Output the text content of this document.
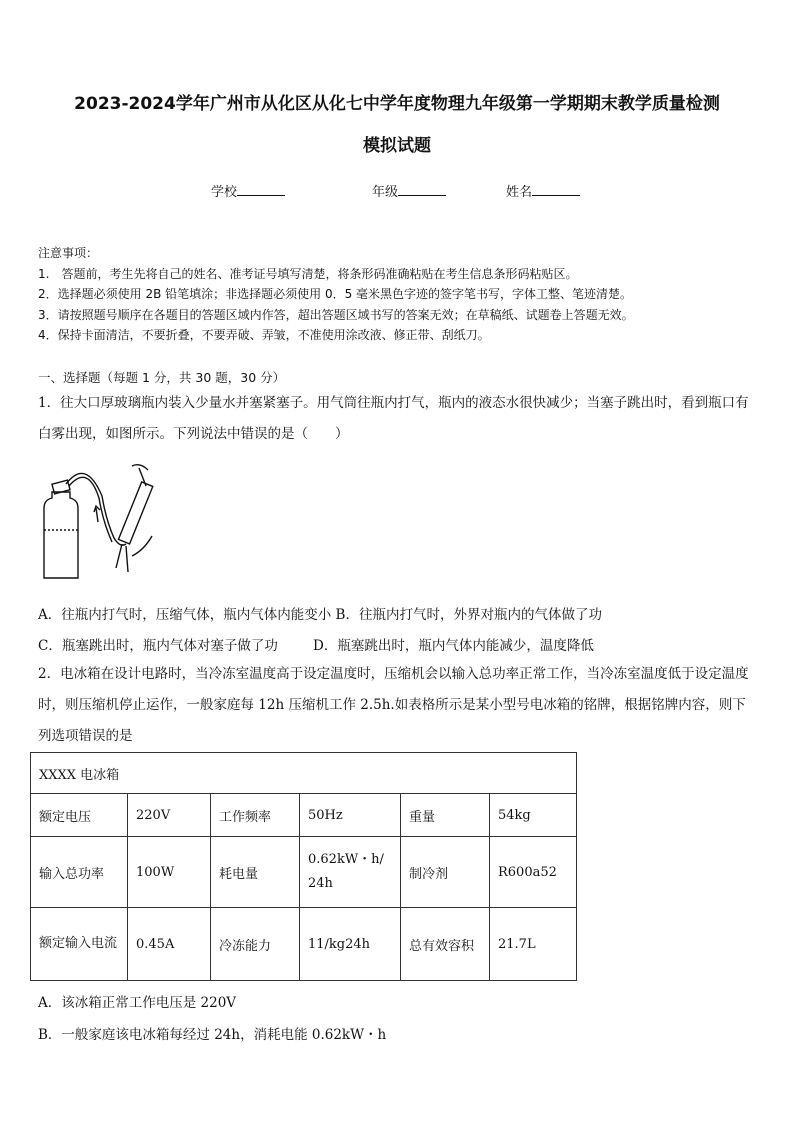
2023-2024学年广州市从化区从化七中学年度物理九年级第一学期期末教学质量检测
模拟试题
学校	年级	姓名
注意事项：
1.　答题前，考生先将自己的姓名、准考证号填写清楚，将条形码准确粘贴在考生信息条形码粘贴区。
2．选择题必须使用 2B 铅笔填涂；非选择题必须使用 0．5 毫米黑色字迹的签字笔书写，字体工整、笔迹清楚。
3．请按照题号顺序在各题目的答题区域内作答，超出答题区域书写的答案无效；在草稿纸、试题卷上答题无效。
4．保持卡面清洁，不要折叠，不要弄破、弄皱，不准使用涂改液、修正带、刮纸刀。
一、选择题（每题 1 分，共 30 题，30 分）
1．往大口厚玻璃瓶内装入少量水并塞紧塞子。用气筒往瓶内打气，瓶内的液态水很快减少；当塞子跳出时，看到瓶口有白雾出现，如图所示。下列说法中错误的是（　　）
A．往瓶内打气时，压缩气体，瓶内气体内能变小 B．往瓶内打气时，外界对瓶内的气体做了功
C．瓶塞跳出时，瓶内气体对塞子做了功	D．瓶塞跳出时，瓶内气体内能减少，温度降低
2．电冰箱在设计电路时，当冷冻室温度高于设定温度时，压缩机会以输入总功率正常工作，当冷冻室温度低于设定温度时，则压缩机停止运作，一般家庭每 12h 压缩机工作 2.5h.如表格所示是某小型号电冰箱的铭牌，根据铭牌内容，则下列选项错误的是
XXXX 电冰箱					
额定电压	220V	工作频率	50Hz	重量	54kg
输入总功率	100W	耗电量	0.62kW・h/24h	制冷剂	R600a52
额定输入电流	0.45A	冷冻能力	11/kg24h	总有效容积	21.7L
A．该冰箱正常工作电压是 220V
B．一般家庭该电冰箱每经过 24h，消耗电能 0.62kW・h
